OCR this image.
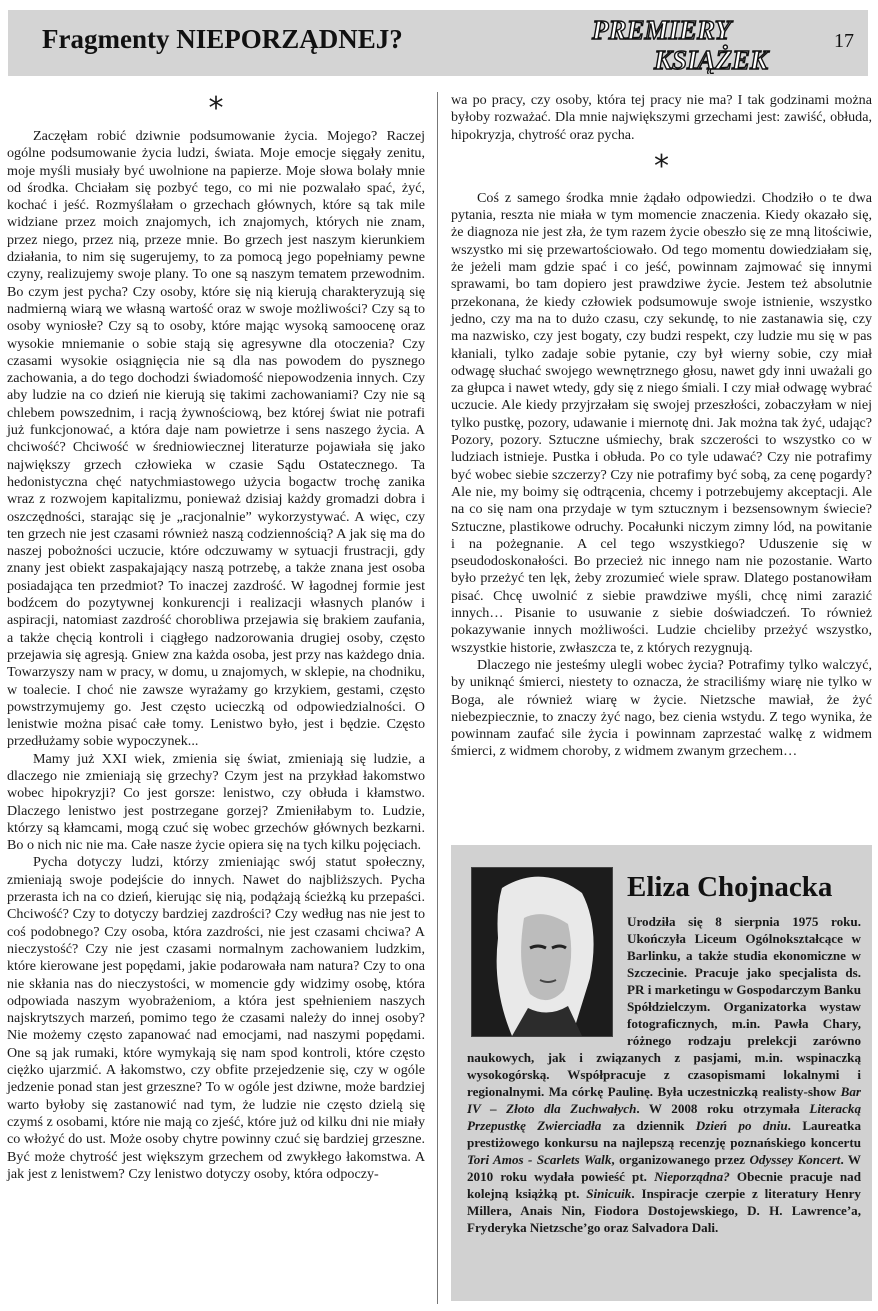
Fragmenty NIEPORZĄDNEJ?	PREMIERY
KSIĄŻEK
17
*

Zaczęłam robić dziwnie podsumowanie życia. Mojego? Raczej ogólne podsumowanie życia ludzi, świata. Moje emocje sięgały zenitu, moje myśli musiały być uwolnione na papierze. Moje słowa bolały mnie od środka. Chciałam się pozbyć tego, co mi nie pozwalało spać, żyć, kochać i jeść. Rozmyślałam o grzechach głównych, które są tak mile widziane przez moich znajomych, ich znajomych, których nie znam, przez niego, przez nią, przeze mnie. Bo grzech jest naszym kierunkiem działania, to nim się sugerujemy, to za pomocą jego popełniamy pewne czyny, realizujemy swoje plany. To one są naszym tematem przewodnim. Bo czym jest pycha? Czy osoby, które się nią kierują charakteryzują się nadmierną wiarą we własną wartość oraz w swoje możliwości? Czy są to osoby wyniosłe? Czy są to osoby, które mając wysoką samoocenę oraz wysokie mniemanie o sobie stają się agresywne dla otoczenia? Czy czasami wysokie osiągnięcia nie są dla nas powodem do pysznego zachowania, a do tego dochodzi świadomość niepowodzenia innych. Czy aby ludzie na co dzień nie kierują się takimi zachowaniami? Czy nie są chlebem powszednim, i racją żywnościową, bez której świat nie potrafi już funkcjonować, a która daje nam powietrze i sens naszego życia. A chciwość? Chciwość w średniowiecznej literaturze pojawiała się jako największy grzech człowieka w czasie Sądu Ostatecznego. Ta hedonistyczna chęć natychmiastowego użycia bogactw trochę zanika wraz z rozwojem kapitalizmu, ponieważ dzisiaj każdy gromadzi dobra i oszczędności, starając się je „racjonalnie” wykorzystywać. A więc, czy ten grzech nie jest czasami również naszą codziennością? A jak się ma do naszej pobożności uczucie, które odczuwamy w sytuacji frustracji, gdy znany jest obiekt zaspakajający naszą potrzebę, a także znana jest osoba posiadająca ten przedmiot? To inaczej zazdrość. W łagodnej formie jest bodźcem do pozytywnej konkurencji i realizacji własnych planów i aspiracji, natomiast zazdrość chorobliwa przejawia się brakiem zaufania, a także chęcią kontroli i ciągłego nadzorowania drugiej osoby, często przejawia się agresją. Gniew zna każda osoba, jest przy nas każdego dnia. Towarzyszy nam w pracy, w domu, u znajomych, w sklepie, na chodniku, w toalecie. I choć nie zawsze wyrażamy go krzykiem, gestami, często powstrzymujemy go. Jest często ucieczką od odpowiedzialności. O lenistwie można pisać całe tomy. Lenistwo było, jest i będzie. Często przedłużamy sobie wypoczynek...

Mamy już XXI wiek, zmienia się świat, zmieniają się ludzie, a dlaczego nie zmieniają się grzechy? Czym jest na przykład łakomstwo wobec hipokryzji? Co jest gorsze: lenistwo, czy obłuda i kłamstwo. Dlaczego lenistwo jest postrzegane gorzej? Zmieniłabym to. Ludzie, którzy są kłamcami, mogą czuć się wobec grzechów głównych bezkarni. Bo o nich nic nie ma. Całe nasze życie opiera się na tych kilku pojęciach.

Pycha dotyczy ludzi, którzy zmieniając swój statut społeczny, zmieniają swoje podejście do innych. Nawet do najbliższych. Pycha przerasta ich na co dzień, kierując się nią, podążają ścieżką ku przepaści. Chciwość? Czy to dotyczy bardziej zazdrości? Czy według nas nie jest to coś podobnego? Czy osoba, która zazdrości, nie jest czasami chciwa? A nieczystość? Czy nie jest czasami normalnym zachowaniem ludzkim, które kierowane jest popędami, jakie podarowała nam natura? Czy to ona nie skłania nas do nieczystości, w momencie gdy widzimy osobę, która odpowiada naszym wyobrażeniom, a która jest spełnieniem naszych najskrytszych marzeń, pomimo tego że czasami należy do innej osoby? Nie możemy często zapanować nad emocjami, nad naszymi popędami. One są jak rumaki, które wymykają się nam spod kontroli, które często ciężko ujarzmić. A łakomstwo, czy obfite przejedzenie się, czy w ogóle jedzenie ponad stan jest grzeszne? To w ogóle jest dziwne, może bardziej warto byłoby się zastanowić nad tym, że ludzie nie często dzielą się czymś z osobami, które nie mają co zjeść, które już od kilku dni nie miały co włożyć do ust. Może osoby chytre powinny czuć się bardziej grzeszne. Być może chytrość jest większym grzechem od zwykłego łakomstwa. A jak jest z lenistwem? Czy lenistwo dotyczy osoby, która odpoczy-

wa po pracy, czy osoby, która tej pracy nie ma? I tak godzinami można byłoby rozważać. Dla mnie największymi grzechami jest: zawiść, obłuda, hipokryzja, chytrość oraz pycha.

*

Coś z samego środka mnie żądało odpowiedzi. Chodziło o te dwa pytania, reszta nie miała w tym momencie znaczenia. Kiedy okazało się, że diagnoza nie jest zła, że tym razem życie obeszło się ze mną litościwie, wszystko mi się przewartościowało. Od tego momentu dowiedziałam się, że jeżeli mam gdzie spać i co jeść, powinnam zajmować się innymi sprawami, bo tam dopiero jest prawdziwe życie. Jestem też absolutnie przekonana, że kiedy człowiek podsumowuje swoje istnienie, wszystko jedno, czy ma na to dużo czasu, czy sekundę, to nie zastanawia się, czy ma nazwisko, czy jest bogaty, czy budzi respekt, czy ludzie mu się w pas kłaniali, tylko zadaje sobie pytanie, czy był wierny sobie, czy miał odwagę słuchać swojego wewnętrznego głosu, nawet gdy inni uważali go za głupca i nawet wtedy, gdy się z niego śmiali. I czy miał odwagę wybrać uczucie. Ale kiedy przyjrzałam się swojej przeszłości, zobaczyłam w niej tylko pustkę, pozory, udawanie i miernotę dni. Jak można tak żyć, udając? Pozory, pozory. Sztuczne uśmiechy, brak szczerości to wszystko co w ludziach istnieje. Pustka i obłuda. Po co tyle udawać? Czy nie potrafimy być wobec siebie szczerzy? Czy nie potrafimy być sobą, za cenę pogardy? Ale nie, my boimy się odtrącenia, chcemy i potrzebujemy akceptacji. Ale na co się nam ona przydaje w tym sztucznym i bezsensownym świecie? Sztuczne, plastikowe odruchy. Pocałunki niczym zimny lód, na powitanie i na pożegnanie. A cel tego wszystkiego? Uduszenie się w pseudodoskonałości. Bo przecież nic innego nam nie pozostanie. Warto było przeżyć ten lęk, żeby zrozumieć wiele spraw. Dlatego postanowiłam pisać. Chcę uwolnić z siebie prawdziwe myśli, chcę nimi zarazić innych… Pisanie to usuwanie z siebie doświadczeń. To również pokazywanie innych możliwości. Ludzie chcieliby przeżyć wszystko, wszystkie historie, zwłaszcza te, z których rezygnują.

Dlaczego nie jesteśmy ulegli wobec życia? Potrafimy tylko walczyć, by uniknąć śmierci, niestety to oznacza, że straciliśmy wiarę nie tylko w Boga, ale również wiarę w życie. Nietzsche mawiał, że żyć niebezpiecznie, to znaczy żyć nago, bez cienia wstydu. Z tego wynika, że powinnam zaufać sile życia i powinnam zaprzestać walkę z widmem śmierci, z widmem choroby, z widmem zwanym grzechem…

Eliza Chojnacka
Urodziła się 8 sierpnia 1975 roku. Ukończyła Liceum Ogólnokształcące w Barlinku, a także studia ekonomiczne w Szczecinie. Pracuje jako specjalista ds. PR i marketingu w Gospodarczym Banku Spółdzielczym. Organizatorka wystaw fotograficznych, m.in. Pawła Chary, różnego rodzaju prelekcji zarówno naukowych, jak i związanych z pasjami, m.in. wspinaczką wysokogórską. Współpracuje z czasopismami lokalnymi i regionalnymi. Ma córkę Paulinę. Była uczestniczką realisty-show Bar IV – Złoto dla Zuchwałych. W 2008 roku otrzymała Literacką Przepustkę Zwierciadła za dziennik Dzień po dniu. Laureatka prestiżowego konkursu na najlepszą recenzję poznańskiego koncertu Tori Amos - Scarlets Walk, organizowanego przez Odyssey Koncert. W 2010 roku wydała powieść pt. Nieporządna? Obecnie pracuje nad kolejną książką pt. Sinicuik. Inspiracje czerpie z literatury Henry Millera, Anais Nin, Fiodora Dostojewskiego, D. H. Lawrence’a, Fryderyka Nietzsche’go oraz Salvadora Dali.
